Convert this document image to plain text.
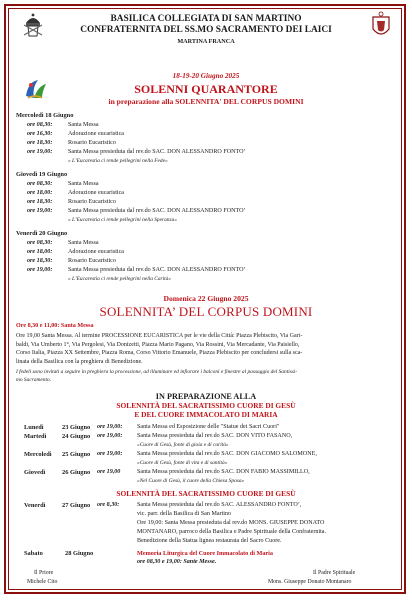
BASILICA COLLEGIATA DI SAN MARTINO
CONFRATERNITA DEL SS.MO SACRAMENTO DEI LAICI
MARTINA FRANCA
18-19-20 Giugno 2025
SOLENNI QUARANTORE
in preparazione alla SOLENNITA' DEL CORPUS DOMINI
Mercoledì 18 Giugno
ore 08,30:	Santa Messa
ore 16,30:	Adorazione eucaristica
ore 18,30:	Rosario Eucaristico
ore 19,00:	Santa Messa presieduta dal rev.do SAC. DON ALESSANDRO FONTO’
« L’Eucarestia ci rende pellegrini nella Fede»
Giovedì 19 Giugno
ore 08,30:	Santa Messa
ore 18,00:	Adorazione eucaristica
ore 18,30:	Rosario Eucaristico
ore 19,00:	Santa Messa presieduta dal rev.do SAC. DON ALESSANDRO FONTO’
« L’Eucarestia ci rende pellegrini nella Speranza»
Venerdì 20 Giugno
ore 08,30:	Santa Messa
ore 18,00:	Adorazione eucaristica
ore 18,30:	Rosario Eucaristico
ore 19,00:	Santa Messa presieduta dal rev.do SAC. DON ALESSANDRO FONTO’
« L’Eucarestia ci rende pellegrini nella Carità»
Domenica 22 Giugno 2025
SOLENNITA’ DEL CORPUS DOMINI
Ore 8,30 e 11,00: Santa Messa
Ore 19,00 Santa Messa. Al termine PROCESSIONE EUCARISTICA per le vie della Città: Piazza Plebiscito, Via Gari-
baldi, Via Umberto 1°, Via Pergolesi, Via Donizetti, Piazza Mario Pagano, Via Rossini, Via Mercadante, Via Paisiello,
Corso Italia, Piazza XX Settembre, Piazza Roma, Corso Vittorio Emanuele, Piazza Plebiscito per concludersi sulla sca-
linata della Basilica con la preghiera di Benedizione.
I fedeli sono invitati a seguire in preghiera la processione, ad illuminare ed infiorare i balconi e finestre al passaggio del Santissi-
mo Sacramento.
IN PREPARAZIONE ALLA
SOLENNITÀ DEL SACRATISSIMO CUORE DI GESÙ
E DEL CUORE IMMACOLATO DI MARIA
Lunedì	23 Giugno ore 19,00: Santa Messa ed Esposizione delle "Statue dei Sacri Cuori"
Martedì 24 Giugno ore 19,00: Santa Messa presieduta dal rev.do SAC. DON VITO FASANO,
«Cuore di Gesù, fonte di gioia e di carità»
Mercoledì 25 Giugno ore 19,00: Santa Messa presieduta dal rev.do SAC. DON GIACOMO SALOMONE,
«Cuore di Gesù, fonte di vita e di santità»
Giovedì	26 Giugno ore 19,00	Santa Messa presieduta dal rev.do SAC. DON FABIO MASSIMILLO,
«Nel Cuore di Gesù, il cuore della Chiesa Sposa»
SOLENNITÀ DEL SACRATISSIMO CUORE DI GESÙ
Venerdì	27 Giugno ore 8,30:	Santa Messa presieduta dal rev.do SAC. ALESSANDRO FONTO’,
vic. parr. della Basilica di San Martino
Ore 19,00: Santa Messa presieduta dal rev.do MONS. GIUSEPPE DONATO
MONTANARO, parroco della Basilica e Padre Spirituale della Confraternita.
Benedizione della Statua lignea restaurata del Sacro Cuore.
Sabato	28 Giugno	Memoria Liturgica del Cuore Immacolato di Maria
ore 08,30 e 19,00: Sante Messe.
Il Priore
Michele Cito
Il Padre Spirituale
Mons. Giuseppe Donato Montanaro
